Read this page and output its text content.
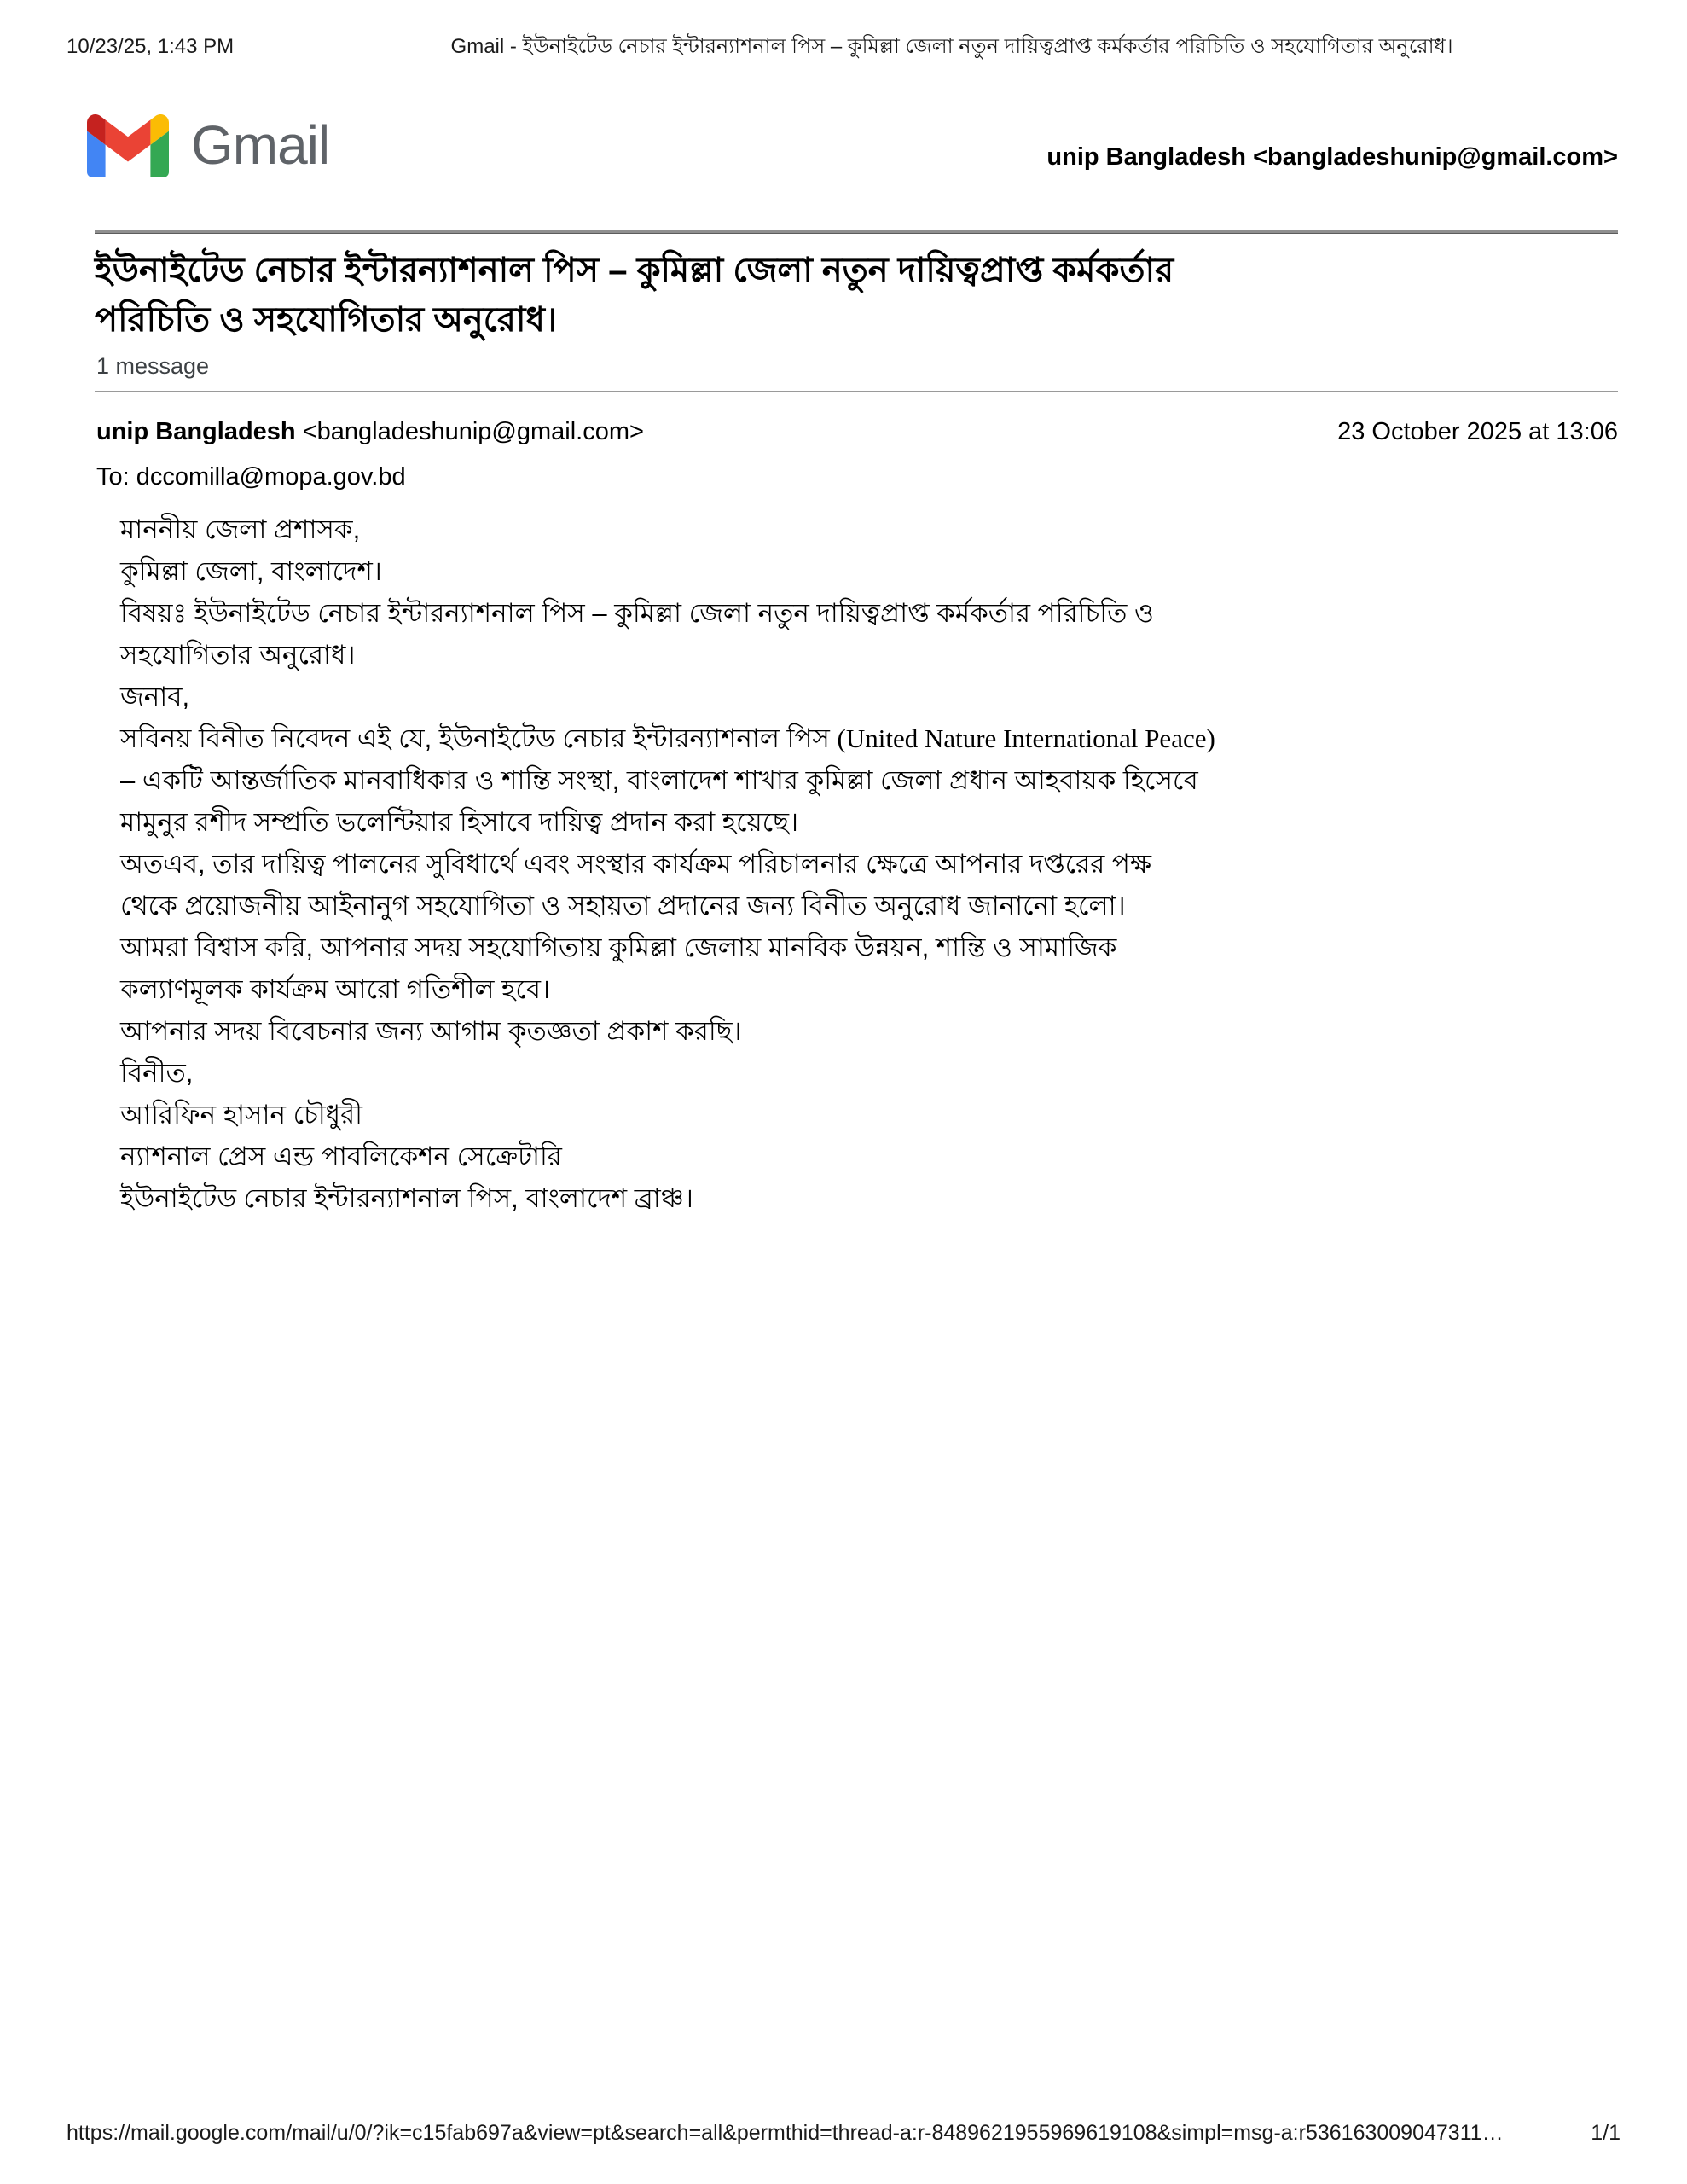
10/23/25, 1:43 PM	Gmail - ইউনাইটেড নেচার ইন্টারন্যাশনাল পিস – কুমিল্লা জেলা নতুন দায়িত্বপ্রাপ্ত কর্মকর্তার পরিচিতি ও সহযোগিতার অনুরোধ।
Gmail	unip Bangladesh <bangladeshunip@gmail.com>
ইউনাইটেড নেচার ইন্টারন্যাশনাল পিস – কুমিল্লা জেলা নতুন দায়িত্বপ্রাপ্ত কর্মকর্তার
পরিচিতি ও সহযোগিতার অনুরোধ।
1 message
unip Bangladesh <bangladeshunip@gmail.com>	23 October 2025 at 13:06
To: dccomilla@mopa.gov.bd
মাননীয় জেলা প্রশাসক,
কুমিল্লা জেলা, বাংলাদেশ।
বিষয়ঃ ইউনাইটেড নেচার ইন্টারন্যাশনাল পিস – কুমিল্লা জেলা নতুন দায়িত্বপ্রাপ্ত কর্মকর্তার পরিচিতি ও
সহযোগিতার অনুরোধ।
জনাব,
সবিনয় বিনীত নিবেদন এই যে, ইউনাইটেড নেচার ইন্টারন্যাশনাল পিস (United Nature International Peace)
– একটি আন্তর্জাতিক মানবাধিকার ও শান্তি সংস্থা, বাংলাদেশ শাখার কুমিল্লা জেলা প্রধান আহবায়ক হিসেবে
মামুনুর রশীদ সম্প্রতি ভলেন্টিয়ার হিসাবে দায়িত্ব প্রদান করা হয়েছে।
অতএব, তার দায়িত্ব পালনের সুবিধার্থে এবং সংস্থার কার্যক্রম পরিচালনার ক্ষেত্রে আপনার দপ্তরের পক্ষ
থেকে প্রয়োজনীয় আইনানুগ সহযোগিতা ও সহায়তা প্রদানের জন্য বিনীত অনুরোধ জানানো হলো।
আমরা বিশ্বাস করি, আপনার সদয় সহযোগিতায় কুমিল্লা জেলায় মানবিক উন্নয়ন, শান্তি ও সামাজিক
কল্যাণমূলক কার্যক্রম আরো গতিশীল হবে।
আপনার সদয় বিবেচনার জন্য আগাম কৃতজ্ঞতা প্রকাশ করছি।
বিনীত,
আরিফিন হাসান চৌধুরী
ন্যাশনাল প্রেস এন্ড পাবলিকেশন সেক্রেটারি
ইউনাইটেড নেচার ইন্টারন্যাশনাল পিস, বাংলাদেশ ব্রাঞ্চ।
https://mail.google.com/mail/u/0/?ik=c15fab697a&view=pt&search=all&permthid=thread-a:r-8489621955969619108&simpl=msg-a:r536163009047311…	1/1
